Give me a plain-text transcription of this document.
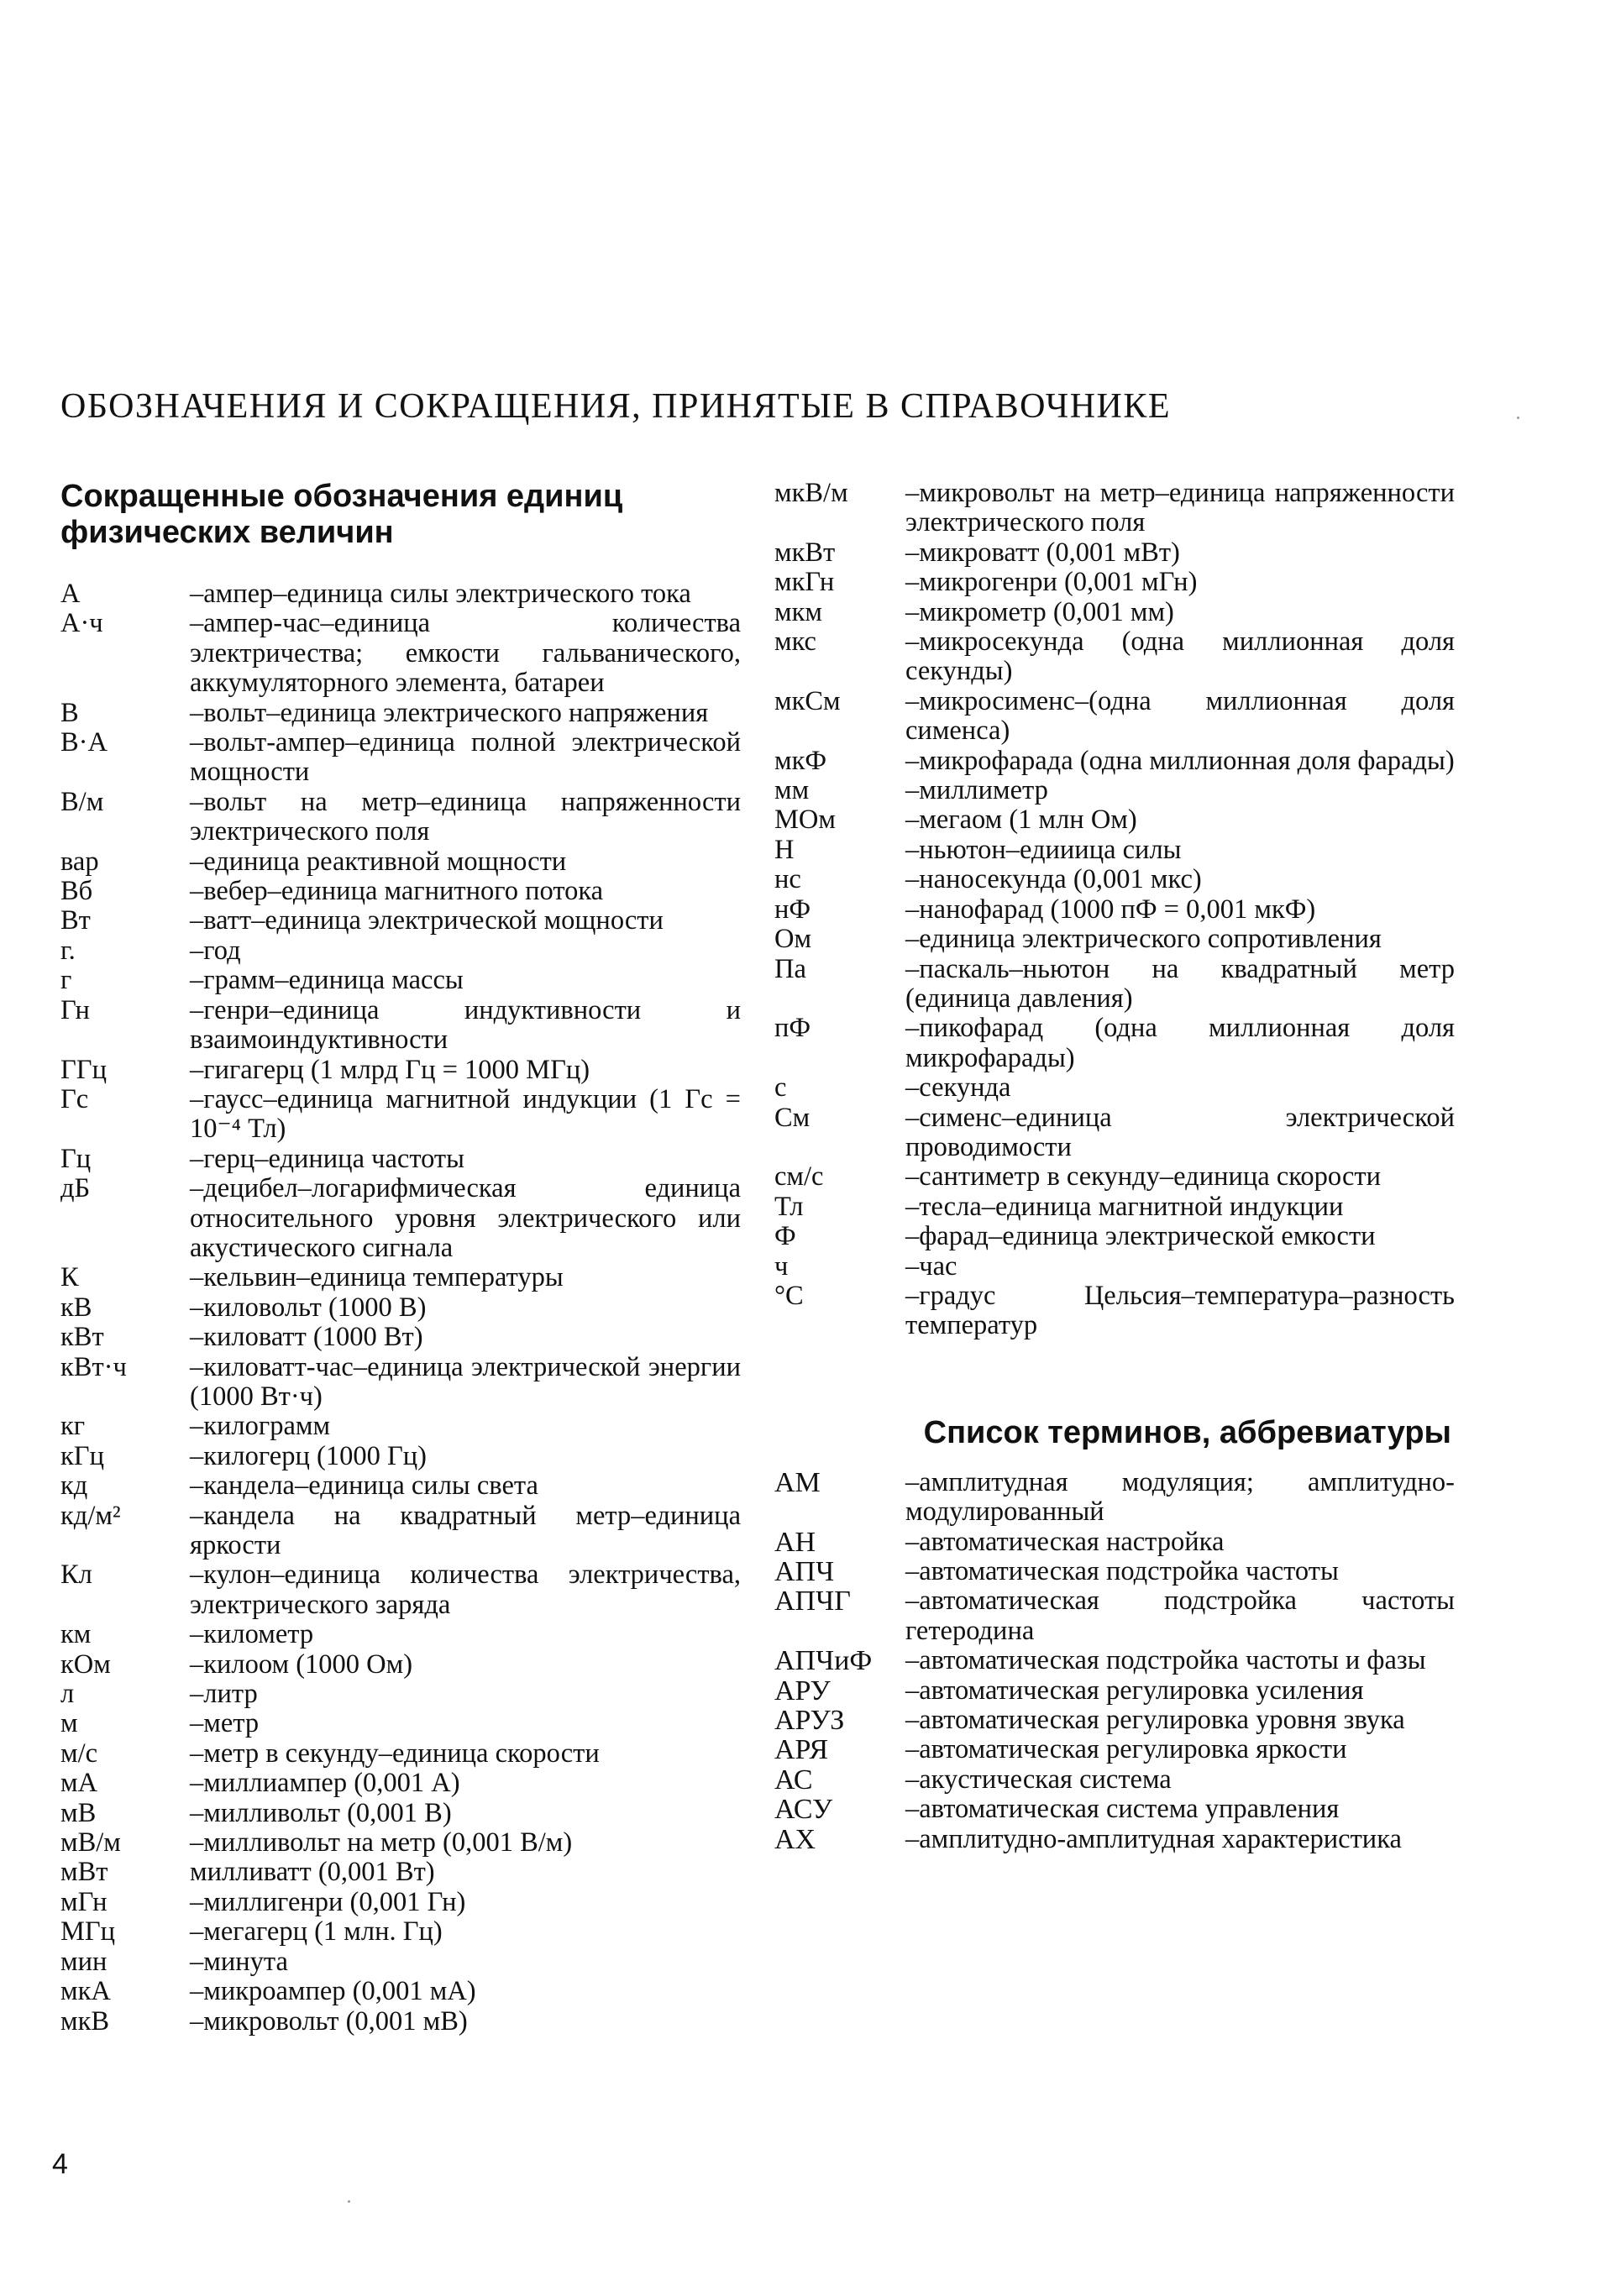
ОБОЗНАЧЕНИЯ И СОКРАЩЕНИЯ, ПРИНЯТЫЕ В СПРАВОЧНИКЕ
Сокращенные обозначения единиц физических величин
А	–ампер–единица силы электрического тока
А·ч	–ампер-час–единица количества электричества; емкости гальванического, аккумуляторного элемента, батареи
В	–вольт–единица электрического напряжения
В·А	–вольт-ампер–единица полной электрической мощности
В/м	–вольт на метр–единица напряженности электрического поля
вар	–единица реактивной мощности
Вб	–вебер–единица магнитного потока
Вт	–ватт–единица электрической мощности
г.	–год
г	–грамм–единица массы
Гн	–генри–единица индуктивности и взаимоиндуктивности
ГГц	–гигагерц (1 млрд Гц = 1000 МГц)
Гс	–гаусс–единица магнитной индукции (1 Гс = 10⁻⁴ Тл)
Гц	–герц–единица частоты
дБ	–децибел–логарифмическая единица относительного уровня электрического или акустического сигнала
К	–кельвин–единица температуры
кВ	–киловольт (1000 В)
кВт	–киловатт (1000 Вт)
кВт·ч	–киловатт-час–единица электрической энергии (1000 Вт·ч)
кг	–килограмм
кГц	–килогерц (1000 Гц)
кд	–кандела–единица силы света
кд/м²	–кандела на квадратный метр–единица яркости
Кл	–кулон–единица количества электричества, электрического заряда
км	–километр
кОм	–килоом (1000 Ом)
л	–литр
м	–метр
м/с	–метр в секунду–единица скорости
мА	–миллиампер (0,001 А)
мВ	–милливольт (0,001 В)
мВ/м	–милливольт на метр (0,001 В/м)
мВт	милливатт (0,001 Вт)
мГн	–миллигенри (0,001 Гн)
МГц	–мегагерц (1 млн. Гц)
мин	–минута
мкА	–микроампер (0,001 мА)
мкВ	–микровольт (0,001 мВ)
мкВ/м	–микровольт на метр–единица напряженности электрического поля
мкВт	–микроватт (0,001 мВт)
мкГн	–микрогенри (0,001 мГн)
мкм	–микрометр (0,001 мм)
мкс	–микросекунда (одна миллионная доля секунды)
мкСм	–микросименс–(одна миллионная доля сименса)
мкФ	–микрофарада (одна миллионная доля фарады)
мм	–миллиметр
МОм	–мегаом (1 млн Ом)
Н	–ньютон–едииица силы
нс	–наносекунда (0,001 мкс)
нФ	–нанофарад (1000 пФ = 0,001 мкФ)
Ом	–единица электрического сопротивления
Па	–паскаль–ньютон на квадратный метр (единица давления)
пФ	–пикофарад (одна миллионная доля микрофарады)
с	–секунда
См	–сименс–единица электрической проводимости
см/с	–сантиметр в секунду–единица скорости
Тл	–тесла–единица магнитной индукции
Ф	–фарад–единица электрической емкости
ч	–час
°С	–градус Цельсия–температура–разность температур
Список терминов, аббревиатуры
АМ	–амплитудная модуляция; амплитудно-модулированный
АН	–автоматическая настройка
АПЧ	–автоматическая подстройка частоты
АПЧГ	–автоматическая подстройка частоты гетеродина
АПЧиФ	–автоматическая подстройка частоты и фазы
АРУ	–автоматическая регулировка усиления
АРУЗ	–автоматическая регулировка уровня звука
АРЯ	–автоматическая регулировка яркости
АС	–акустическая система
АСУ	–автоматическая система управления
АХ	–амплитудно-амплитудная характеристика
4
